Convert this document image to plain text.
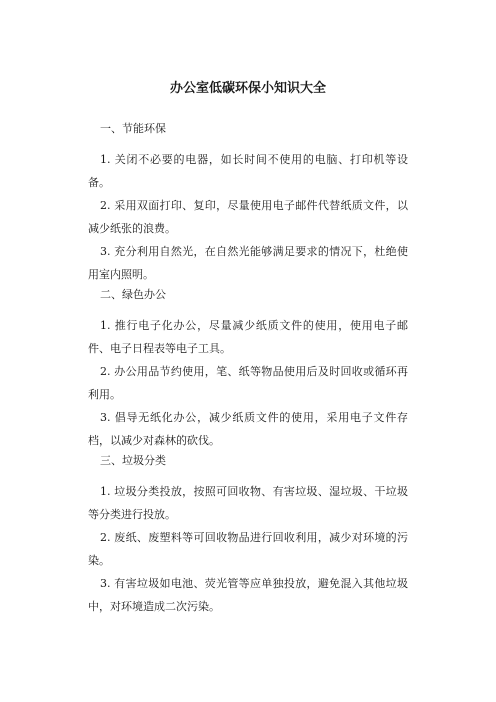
办公室低碳环保小知识大全

一、节能环保

1. 关闭不必要的电器，如长时间不使用的电脑、打印机等设备。

2. 采用双面打印、复印，尽量使用电子邮件代替纸质文件，以减少纸张的浪费。

3. 充分利用自然光，在自然光能够满足要求的情况下，杜绝使用室内照明。

二、绿色办公

1. 推行电子化办公，尽量减少纸质文件的使用，使用电子邮件、电子日程表等电子工具。

2. 办公用品节约使用，笔、纸等物品使用后及时回收或循环再利用。

3. 倡导无纸化办公，减少纸质文件的使用，采用电子文件存档，以减少对森林的砍伐。

三、垃圾分类

1. 垃圾分类投放，按照可回收物、有害垃圾、湿垃圾、干垃圾等分类进行投放。

2. 废纸、废塑料等可回收物品进行回收利用，减少对环境的污染。

3. 有害垃圾如电池、荧光管等应单独投放，避免混入其他垃圾中，对环境造成二次污染。
